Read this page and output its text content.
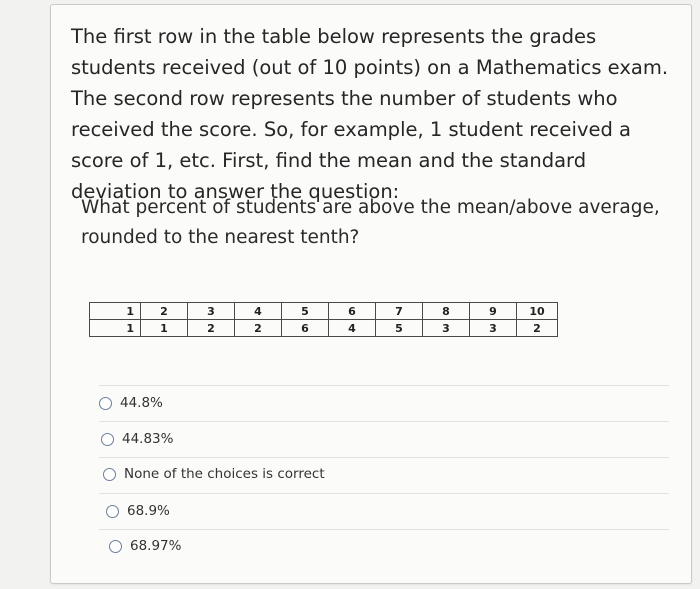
The first row in the table below represents the grades students received (out of 10 points) on a Mathematics exam. The second row represents the number of students who received the score. So, for example, 1 student received a score of 1, etc. First, find the mean and the standard deviation to answer the question:

What percent of students are above the mean/above average, rounded to the nearest tenth?

1	2	3	4	5	6	7	8	9	10
1	1	2	2	6	4	5	3	3	2
44.8%
44.83%
None of the choices is correct
68.9%
68.97%
